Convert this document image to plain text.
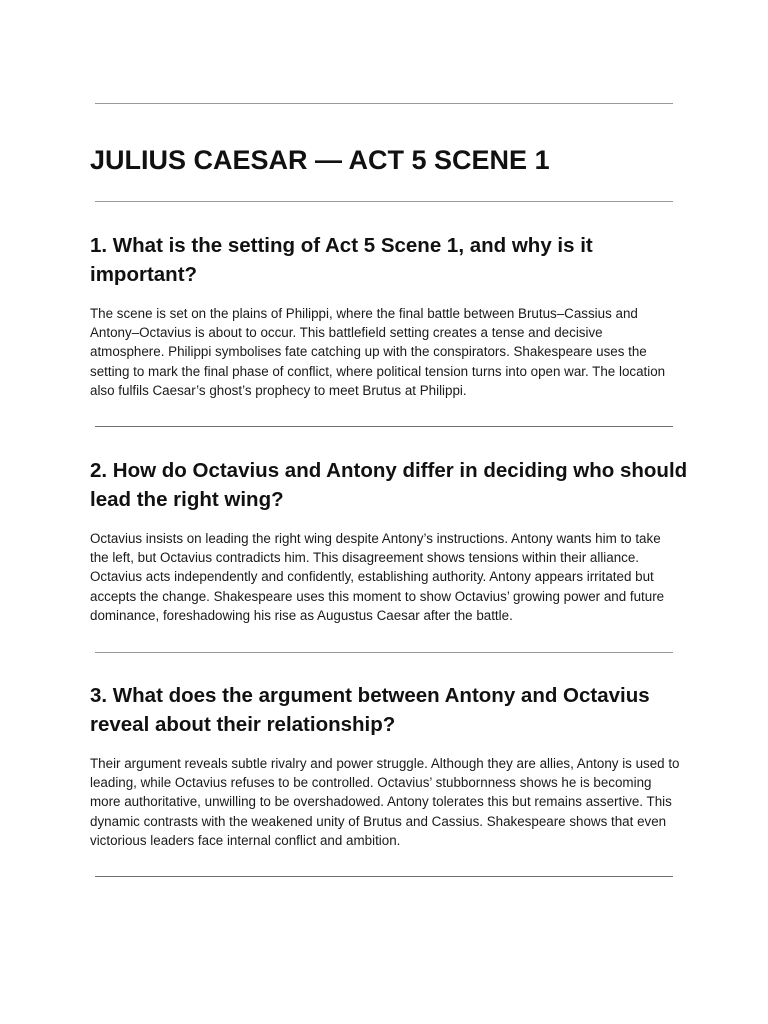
JULIUS CAESAR — ACT 5 SCENE 1
1. What is the setting of Act 5 Scene 1, and why is it important?

The scene is set on the plains of Philippi, where the final battle between Brutus–Cassius and Antony–Octavius is about to occur. This battlefield setting creates a tense and decisive atmosphere. Philippi symbolises fate catching up with the conspirators. Shakespeare uses the setting to mark the final phase of conflict, where political tension turns into open war. The location also fulfils Caesar’s ghost’s prophecy to meet Brutus at Philippi.

2. How do Octavius and Antony differ in deciding who should lead the right wing?

Octavius insists on leading the right wing despite Antony’s instructions. Antony wants him to take the left, but Octavius contradicts him. This disagreement shows tensions within their alliance. Octavius acts independently and confidently, establishing authority. Antony appears irritated but accepts the change. Shakespeare uses this moment to show Octavius’ growing power and future dominance, foreshadowing his rise as Augustus Caesar after the battle.

3. What does the argument between Antony and Octavius reveal about their relationship?

Their argument reveals subtle rivalry and power struggle. Although they are allies, Antony is used to leading, while Octavius refuses to be controlled. Octavius’ stubbornness shows he is becoming more authoritative, unwilling to be overshadowed. Antony tolerates this but remains assertive. This dynamic contrasts with the weakened unity of Brutus and Cassius. Shakespeare shows that even victorious leaders face internal conflict and ambition.
